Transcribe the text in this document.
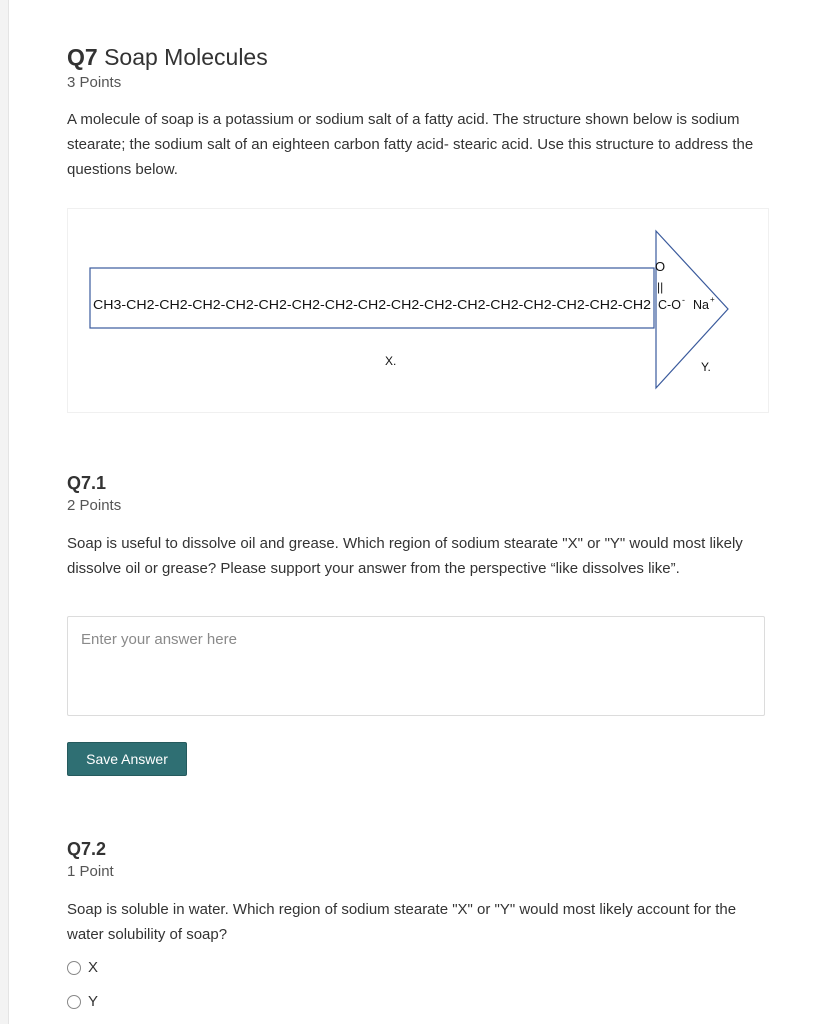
Q7 Soap Molecules
3 Points
A molecule of soap is a potassium or sodium salt of a fatty acid. The structure shown below is sodium stearate; the sodium salt of an eighteen carbon fatty acid- stearic acid. Use this structure to address the questions below.
CH3-CH2-CH2-CH2-CH2-CH2-CH2-CH2-CH2-CH2-CH2-CH2-CH2-CH2-CH2-CH2-CH2
O
||
C-O - Na +
X.	Y.
Q7.1
2 Points
Soap is useful to dissolve oil and grease. Which region of sodium stearate "X" or "Y" would most likely dissolve oil or grease? Please support your answer from the perspective “like dissolves like”.
Enter your answer here
Save Answer
Q7.2
1 Point
Soap is soluble in water. Which region of sodium stearate "X" or "Y" would most likely account for the water solubility of soap?
X
Y
